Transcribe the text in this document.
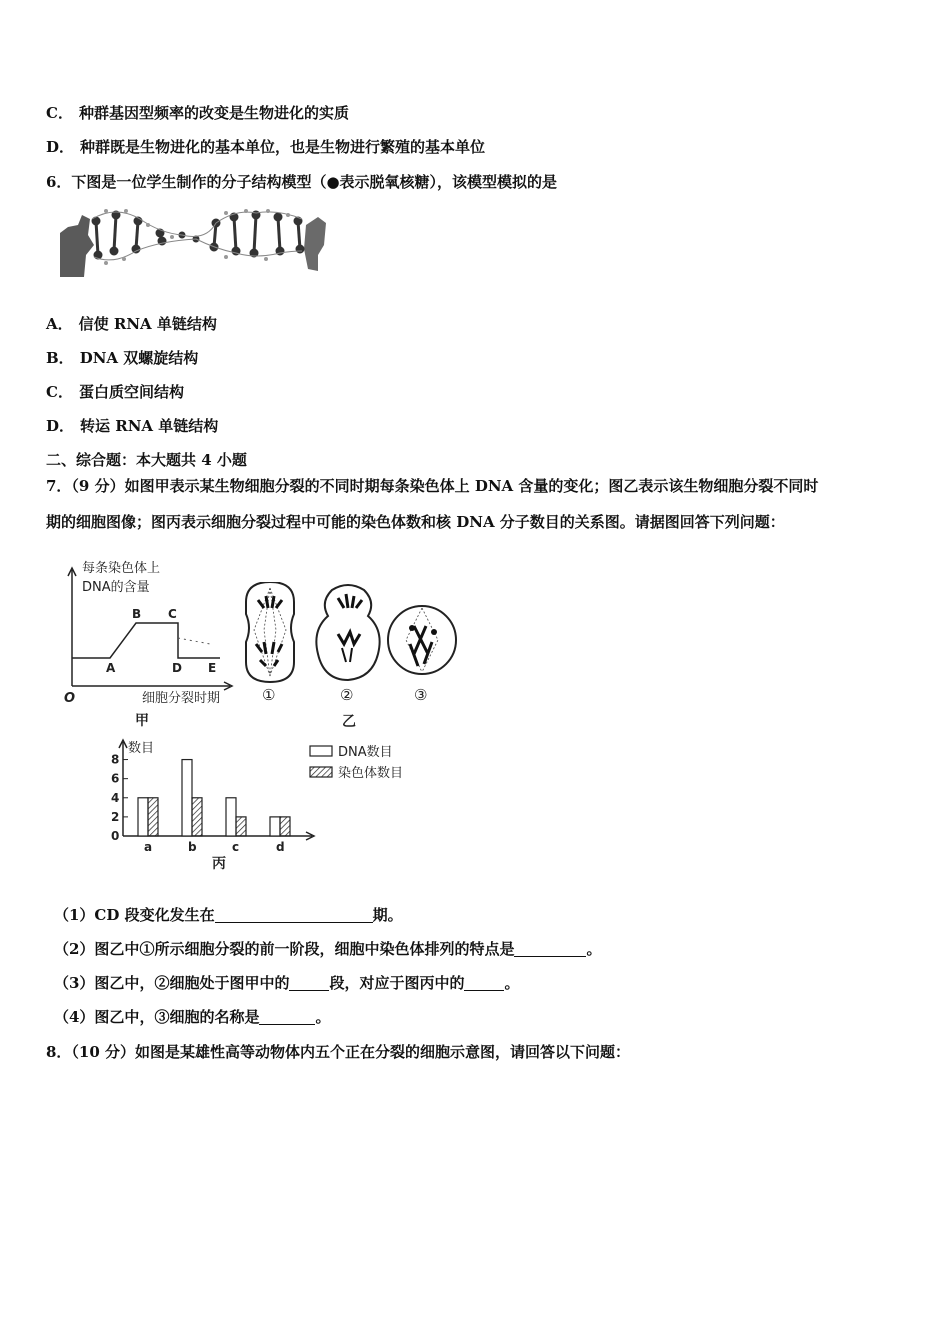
C． 种群基因型频率的改变是生物进化的实质
D． 种群既是生物进化的基本单位，也是生物进行繁殖的基本单位
6．下图是一位学生制作的分子结构模型（●表示脱氧核糖），该模型模拟的是
A． 信使 RNA 单链结构
B． DNA 双螺旋结构
C． 蛋白质空间结构
D． 转运 RNA 单链结构
二、综合题：本大题共 4 小题
7．（9 分）如图甲表示某生物细胞分裂的不同时期每条染色体上 DNA 含量的变化；图乙表示该生物细胞分裂不同时
期的细胞图像；图丙表示细胞分裂过程中可能的染色体数和核 DNA 分子数目的关系图。请据图回答下列问题：
每条染色体上
DNA的含量
A
B C
D E
O	细胞分裂时期
甲
①	②	③
乙
数目
0
2
4
6
8
a	b	c	d
丙
DNA数目
染色体数目
（1）CD 段变化发生在	期。
（2）图乙中①所示细胞分裂的前一阶段，细胞中染色体排列的特点是	。
（3）图乙中，②细胞处于图甲中的	段，对应于图丙中的	。
（4）图乙中，③细胞的名称是	。
8．（10 分）如图是某雄性高等动物体内五个正在分裂的细胞示意图，请回答以下问题：
